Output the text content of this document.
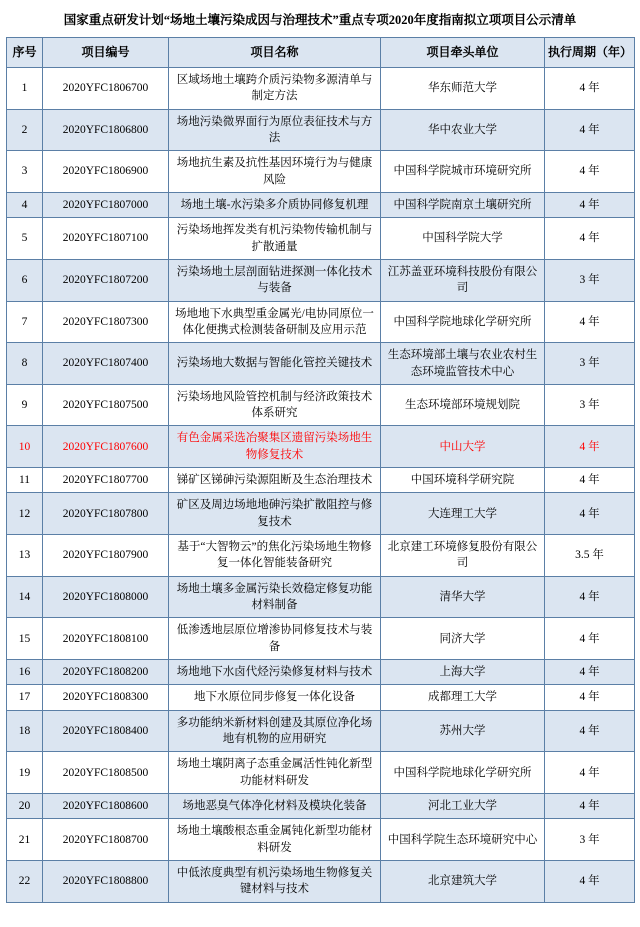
国家重点研发计划“场地土壤污染成因与治理技术”重点专项2020年度指南拟立项项目公示清单
序号	项目编号	项目名称	项目牵头单位	执行周期（年）
1	2020YFC1806700	区域场地土壤跨介质污染物多源清单与制定方法	华东师范大学	4 年
2	2020YFC1806800	场地污染微界面行为原位表征技术与方法	华中农业大学	4 年
3	2020YFC1806900	场地抗生素及抗性基因环境行为与健康风险	中国科学院城市环境研究所	4 年
4	2020YFC1807000	场地土壤-水污染多介质协同修复机理	中国科学院南京土壤研究所	4 年
5	2020YFC1807100	污染场地挥发类有机污染物传输机制与扩散通量	中国科学院大学	4 年
6	2020YFC1807200	污染场地土层剖面钻进探测一体化技术与装备	江苏盖亚环境科技股份有限公司	3 年
7	2020YFC1807300	场地地下水典型重金属光/电协同原位一体化便携式检测装备研制及应用示范	中国科学院地球化学研究所	4 年
8	2020YFC1807400	污染场地大数据与智能化管控关键技术	生态环境部土壤与农业农村生态环境监管技术中心	3 年
9	2020YFC1807500	污染场地风险管控机制与经济政策技术体系研究	生态环境部环境规划院	3 年
10	2020YFC1807600	有色金属采选冶聚集区遗留污染场地生物修复技术	中山大学	4 年
11	2020YFC1807700	锑矿区锑砷污染源阻断及生态治理技术	中国环境科学研究院	4 年
12	2020YFC1807800	矿区及周边场地地砷污染扩散阻控与修复技术	大连理工大学	4 年
13	2020YFC1807900	基于“大智物云”的焦化污染场地生物修复一体化智能装备研究	北京建工环境修复股份有限公司	3.5 年
14	2020YFC1808000	场地土壤多金属污染长效稳定修复功能材料制备	清华大学	4 年
15	2020YFC1808100	低渗透地层原位增渗协同修复技术与装备	同济大学	4 年
16	2020YFC1808200	场地地下水卤代烃污染修复材料与技术	上海大学	4 年
17	2020YFC1808300	地下水原位同步修复一体化设备	成都理工大学	4 年
18	2020YFC1808400	多功能纳米新材料创建及其原位净化场地有机物的应用研究	苏州大学	4 年
19	2020YFC1808500	场地土壤阴离子态重金属活性钝化新型功能材料研发	中国科学院地球化学研究所	4 年
20	2020YFC1808600	场地恶臭气体净化材料及模块化装备	河北工业大学	4 年
21	2020YFC1808700	场地土壤酸根态重金属钝化新型功能材料研发	中国科学院生态环境研究中心	3 年
22	2020YFC1808800	中低浓度典型有机污染场地生物修复关键材料与技术	北京建筑大学	4 年
